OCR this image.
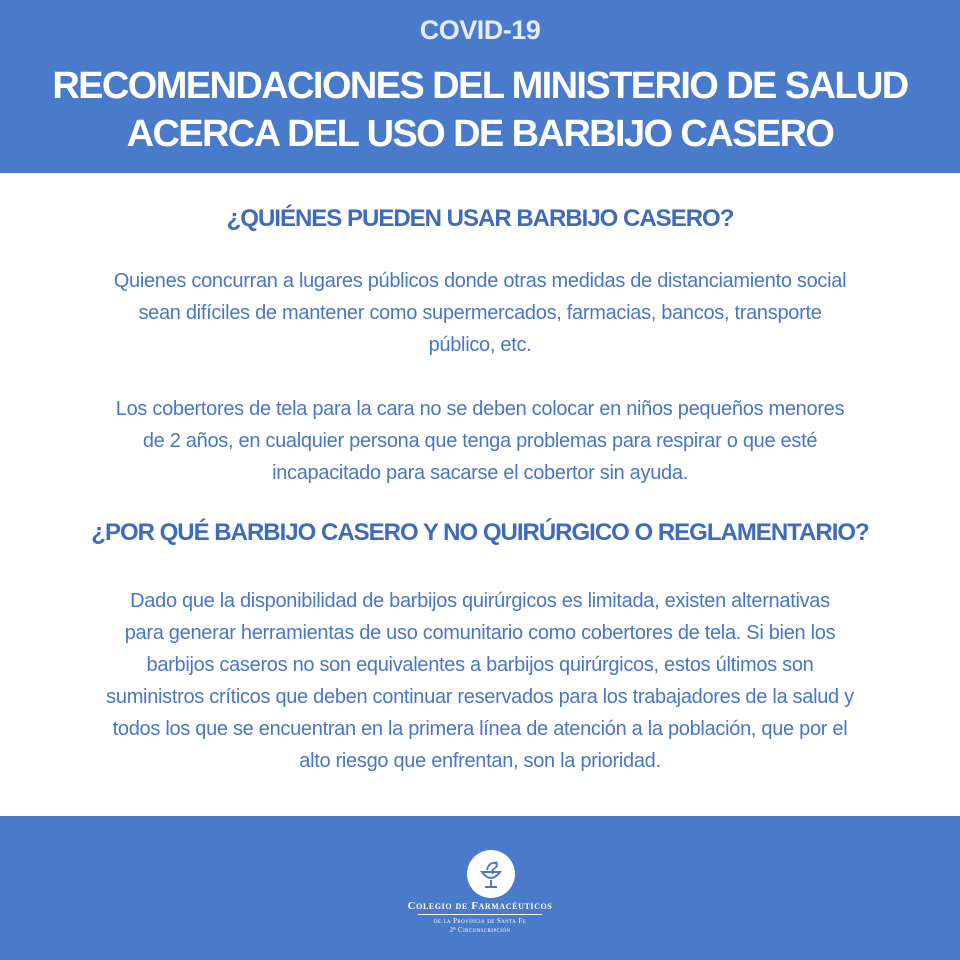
COVID-19
RECOMENDACIONES DEL MINISTERIO DE SALUD
ACERCA DEL USO DE BARBIJO CASERO
¿QUIÉNES PUEDEN USAR BARBIJO CASERO?
Quienes concurran a lugares públicos donde otras medidas de distanciamiento social
sean difíciles de mantener como supermercados, farmacias, bancos, transporte
público, etc.
Los cobertores de tela para la cara no se deben colocar en niños pequeños menores
de 2 años, en cualquier persona que tenga problemas para respirar o que esté
incapacitado para sacarse el cobertor sin ayuda.
¿POR QUÉ BARBIJO CASERO Y NO QUIRÚRGICO O REGLAMENTARIO?
Dado que la disponibilidad de barbijos quirúrgicos es limitada, existen alternativas
para generar herramientas de uso comunitario como cobertores de tela. Si bien los
barbijos caseros no son equivalentes a barbijos quirúrgicos, estos últimos son
suministros críticos que deben continuar reservados para los trabajadores de la salud y
todos los que se encuentran en la primera línea de atención a la población, que por el
alto riesgo que enfrentan, son la prioridad.
Colegio de Farmacéuticos
de la Provincia de Santa Fe
2ª Circunscripción
